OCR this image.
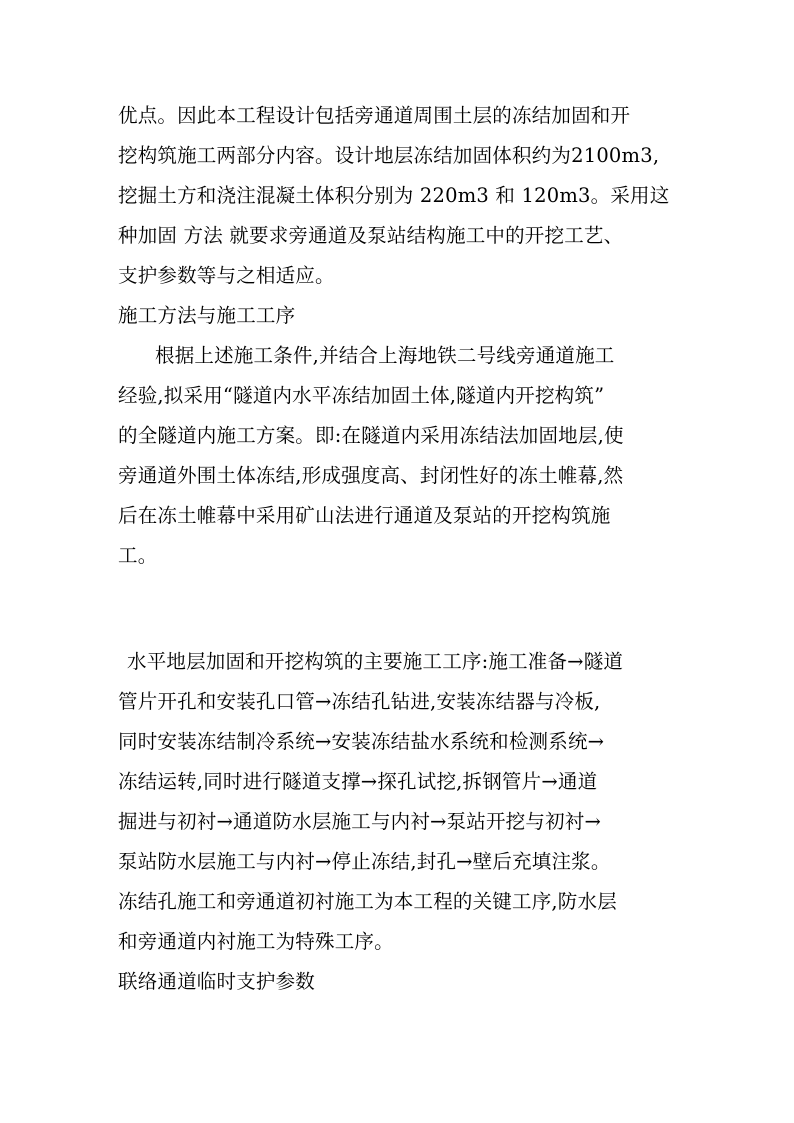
优点。因此本工程设计包括旁通道周围土层的冻结加固和开
挖构筑施工两部分内容。设计地层冻结加固体积约为2100m3,
挖掘土方和浇注混凝土体积分别为 220m3 和 120m3。采用这
种加固 方法 就要求旁通道及泵站结构施工中的开挖工艺、
支护参数等与之相适应。
施工方法与施工工序
根据上述施工条件,并结合上海地铁二号线旁通道施工
经验,拟采用“隧道内水平冻结加固土体,隧道内开挖构筑”
的全隧道内施工方案。即:在隧道内采用冻结法加固地层,使
旁通道外围土体冻结,形成强度高、封闭性好的冻土帷幕,然
后在冻土帷幕中采用矿山法进行通道及泵站的开挖构筑施
工。
水平地层加固和开挖构筑的主要施工工序:施工准备→隧道
管片开孔和安装孔口管→冻结孔钻进,安装冻结器与冷板,
同时安装冻结制冷系统→安装冻结盐水系统和检测系统→
冻结运转,同时进行隧道支撑→探孔试挖,拆钢管片→通道
掘进与初衬→通道防水层施工与内衬→泵站开挖与初衬→
泵站防水层施工与内衬→停止冻结,封孔→壁后充填注浆。
冻结孔施工和旁通道初衬施工为本工程的关键工序,防水层
和旁通道内衬施工为特殊工序。
联络通道临时支护参数
